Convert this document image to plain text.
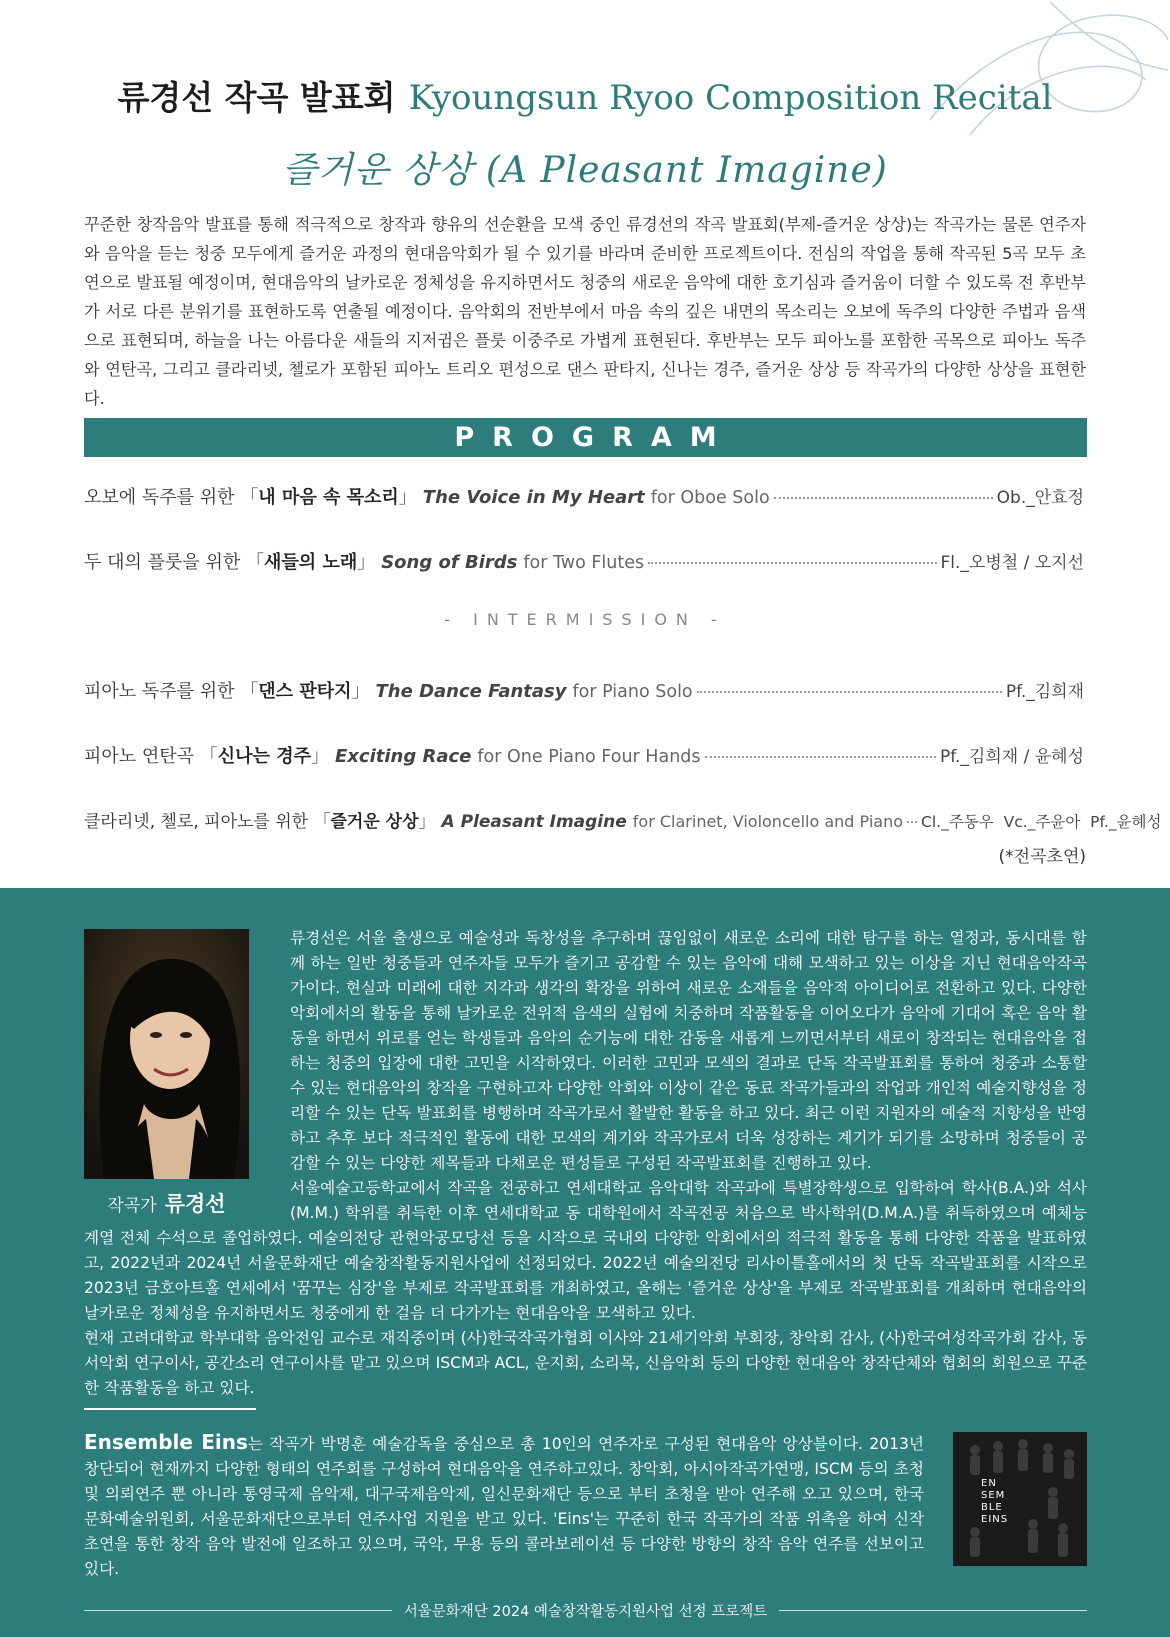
류경선 작곡 발표회 Kyoungsun Ryoo Composition Recital
즐거운 상상 (A Pleasant Imagine)
꾸준한 창작음악 발표를 통해 적극적으로 창작과 향유의 선순환을 모색 중인 류경선의 작곡 발표회(부제-즐거운 상상)는 작곡가는 물론 연주자와 음악을 듣는 청중 모두에게 즐거운 과정의 현대음악회가 될 수 있기를 바라며 준비한 프로젝트이다. 전심의 작업을 통해 작곡된 5곡 모두 초연으로 발표될 예정이며, 현대음악의 날카로운 정체성을 유지하면서도 청중의 새로운 음악에 대한 호기심과 즐거움이 더할 수 있도록 전 후반부가 서로 다른 분위기를 표현하도록 연출될 예정이다. 음악회의 전반부에서 마음 속의 깊은 내면의 목소리는 오보에 독주의 다양한 주법과 음색으로 표현되며, 하늘을 나는 아름다운 새들의 지저귐은 플룻 이중주로 가볍게 표현된다. 후반부는 모두 피아노를 포함한 곡목으로 피아노 독주와 연탄곡, 그리고 클라리넷, 첼로가 포함된 피아노 트리오 편성으로 댄스 판타지, 신나는 경주, 즐거운 상상 등 작곡가의 다양한 상상을 표현한다.
PROGRAM
오보에 독주를 위한 「 내 마음 속 목소리 」 The Voice in My Heart for Oboe Solo	Ob._안효정
두 대의 플룻을 위한 「 새들의 노래 」 Song of Birds for Two Flutes	Fl._오병철 / 오지선
- INTERMISSION -
피아노 독주를 위한 「 댄스 판타지 」 The Dance Fantasy for Piano Solo	Pf._김희재
피아노 연탄곡 「 신나는 경주 」 Exciting Race for One Piano Four Hands	Pf._김희재 / 윤혜성
클라리넷, 첼로, 피아노를 위한 「 즐거운 상상 」 A Pleasant Imagine for Clarinet, Violoncello and Piano Cl._주동우  Vc._주윤아  Pf._윤혜성
(*전곡초연)
작곡가 류경선

류경선은 서울 출생으로 예술성과 독창성을 추구하며 끊임없이 새로운 소리에 대한 탐구를 하는 열정과, 동시대를 함께 하는 일반 청중들과 연주자들 모두가 즐기고 공감할 수 있는 음악에 대해 모색하고 있는 이상을 지닌 현대음악작곡가이다. 현실과 미래에 대한 지각과 생각의 확장을 위하여 새로운 소재들을 음악적 아이디어로 전환하고 있다. 다양한 악회에서의 활동을 통해 날카로운 전위적 음색의 실험에 치중하며 작품활동을 이어오다가 음악에 기대어 혹은 음악 활동을 하면서 위로를 얻는 학생들과 음악의 순기능에 대한 감동을 새롭게 느끼면서부터 새로이 창작되는 현대음악을 접하는 청중의 입장에 대한 고민을 시작하였다. 이러한 고민과 모색의 결과로 단독 작곡발표회를 통하여 청중과 소통할 수 있는 현대음악의 창작을 구현하고자 다양한 악회와 이상이 같은 동료 작곡가들과의 작업과 개인적 예술지향성을 정리할 수 있는 단독 발표회를 병행하며 작곡가로서 활발한 활동을 하고 있다. 최근 이런 지원자의 예술적 지향성을 반영하고 추후 보다 적극적인 활동에 대한 모색의 계기와 작곡가로서 더욱 성장하는 계기가 되기를 소망하며 청중들이 공감할 수 있는 다양한 제목들과 다채로운 편성들로 구성된 작곡발표회를 진행하고 있다.

서울예술고등학교에서 작곡을 전공하고 연세대학교 음악대학 작곡과에 특별장학생으로 입학하여 학사(B.A.)와 석사(M.M.) 학위를 취득한 이후 연세대학교 동 대학원에서 작곡전공 처음으로 박사학위(D.M.A.)를 취득하였으며 예체능계열 전체 수석으로 졸업하였다. 예술의전당 관현악공모당선 등을 시작으로 국내외 다양한 악회에서의 적극적 활동을 통해 다양한 작품을 발표하였고, 2022년과 2024년 서울문화재단 예술창작활동지원사업에 선정되었다. 2022년 예술의전당 리사이틀홀에서의 첫 단독 작곡발표회를 시작으로 2023년 금호아트홀 연세에서 '꿈꾸는 심장'을 부제로 작곡발표회를 개최하였고, 올해는 '즐거운 상상'을 부제로 작곡발표회를 개최하며 현대음악의 날카로운 정체성을 유지하면서도 청중에게 한 걸음 더 다가가는 현대음악을 모색하고 있다.

현재 고려대학교 학부대학 음악전임 교수로 재직중이며 (사)한국작곡가협회 이사와 21세기악회 부회장, 창악회 감사, (사)한국여성작곡가회 감사, 동서악회 연구이사, 공간소리 연구이사를 맡고 있으며 ISCM과 ACL, 운지회, 소리목, 신음악회 등의 다양한 현대음악 창작단체와 협회의 회원으로 꾸준한 작품활동을 하고 있다.

Ensemble Eins는 작곡가 박명훈 예술감독을 중심으로 총 10인의 연주자로 구성된 현대음악 앙상블이다. 2013년 창단되어 현재까지 다양한 형태의 연주회를 구성하여 현대음악을 연주하고있다. 창악회, 아시아작곡가연맹, ISCM 등의 초청 및 의뢰연주 뿐 아니라 통영국제 음악제, 대구국제음악제, 일신문화재단 등으로 부터 초청을 받아 연주해 오고 있으며, 한국문화예술위원회, 서울문화재단으로부터 연주사업 지원을 받고 있다. 'Eins'는 꾸준히 한국 작곡가의 작품 위촉을 하여 신작 초연을 통한 창작 음악 발전에 일조하고 있으며, 국악, 무용 등의 콜라보레이션 등 다양한 방향의 창작 음악 연주를 선보이고 있다.
EN
SEM
BLE
EINS
서울문화재단 2024 예술창작활동지원사업 선정 프로젝트
